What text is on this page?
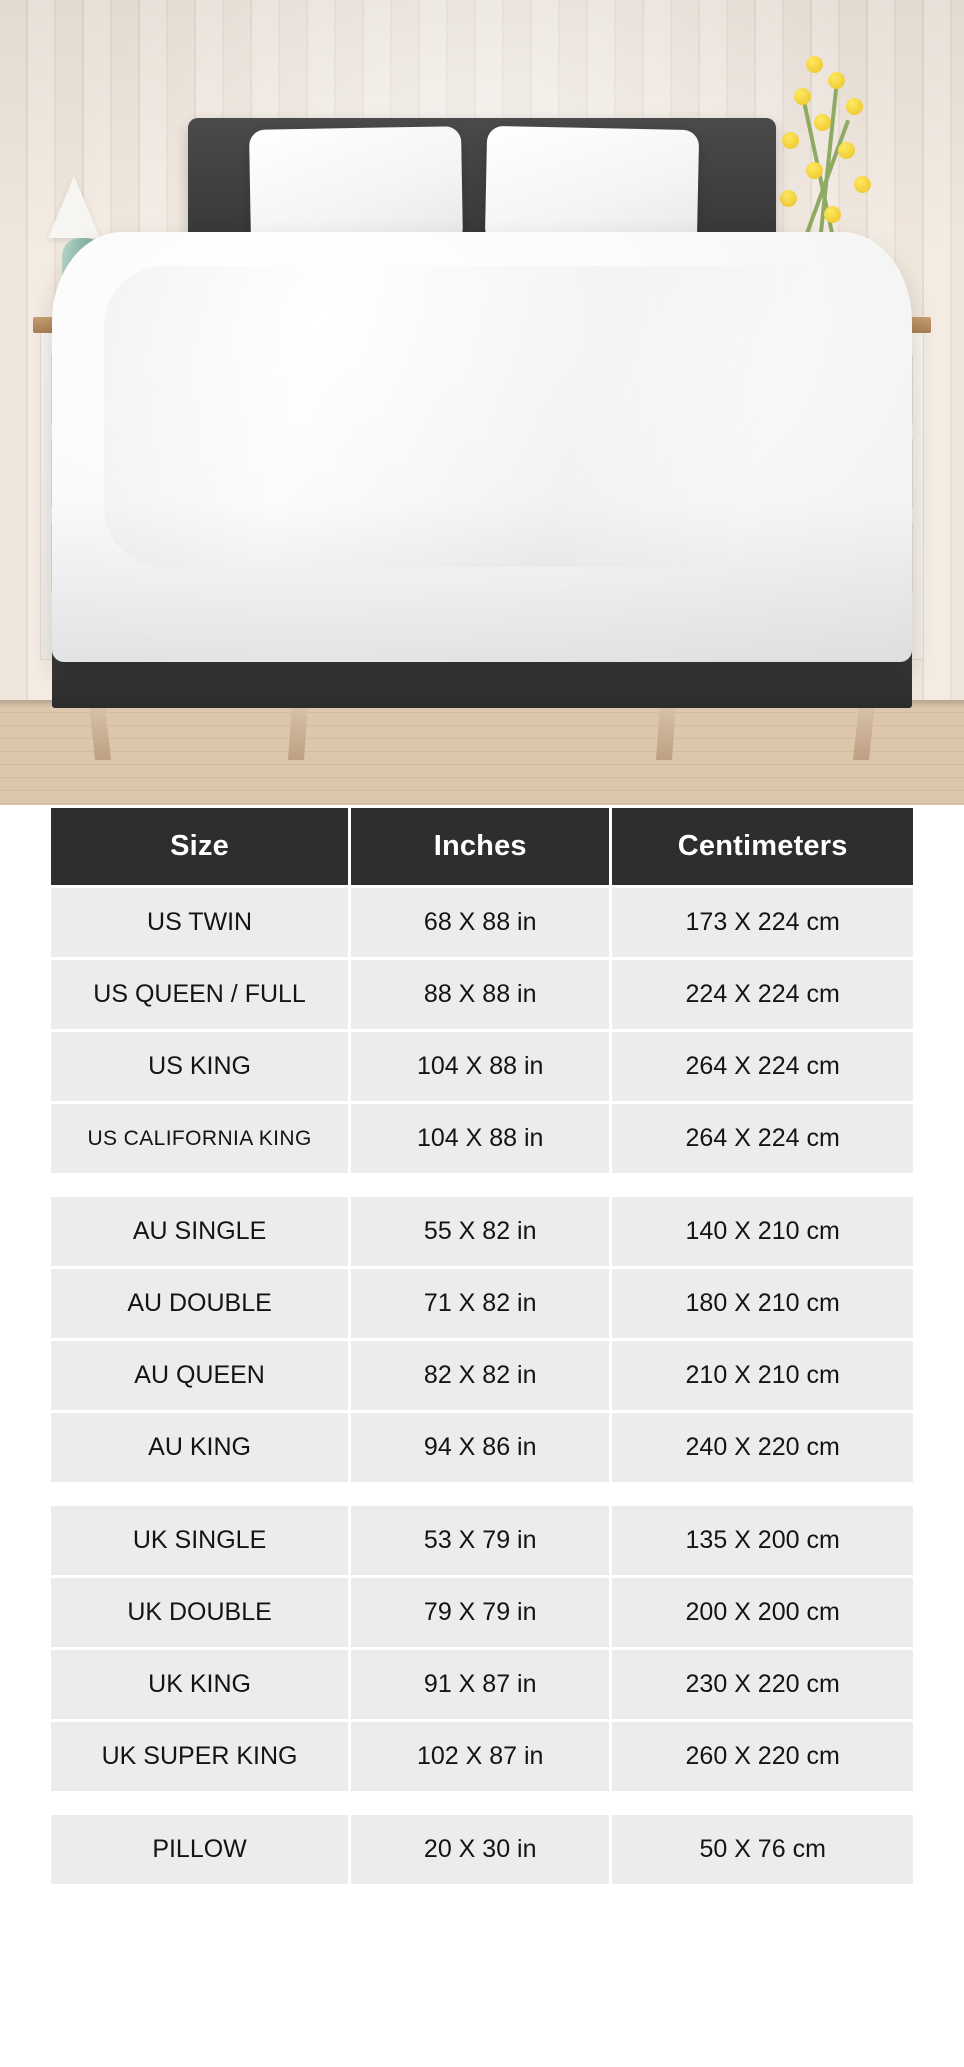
Size	Inches	Centimeters
US TWIN	68 X 88 in	173 X 224 cm
US QUEEN / FULL	88 X 88 in	224 X 224 cm
US KING	104 X 88 in	264 X 224 cm
US CALIFORNIA KING	104 X 88 in	264 X 224 cm

AU SINGLE	55 X 82 in	140 X 210 cm
AU DOUBLE	71 X 82 in	180 X 210 cm
AU QUEEN	82 X 82 in	210 X 210 cm
AU KING	94 X 86 in	240 X 220 cm

UK SINGLE	53 X 79 in	135 X 200 cm
UK DOUBLE	79 X 79 in	200 X 200 cm
UK KING	91 X 87 in	230 X 220 cm
UK SUPER KING	102 X 87 in	260 X 220 cm

PILLOW	20 X 30 in	50 X 76 cm
